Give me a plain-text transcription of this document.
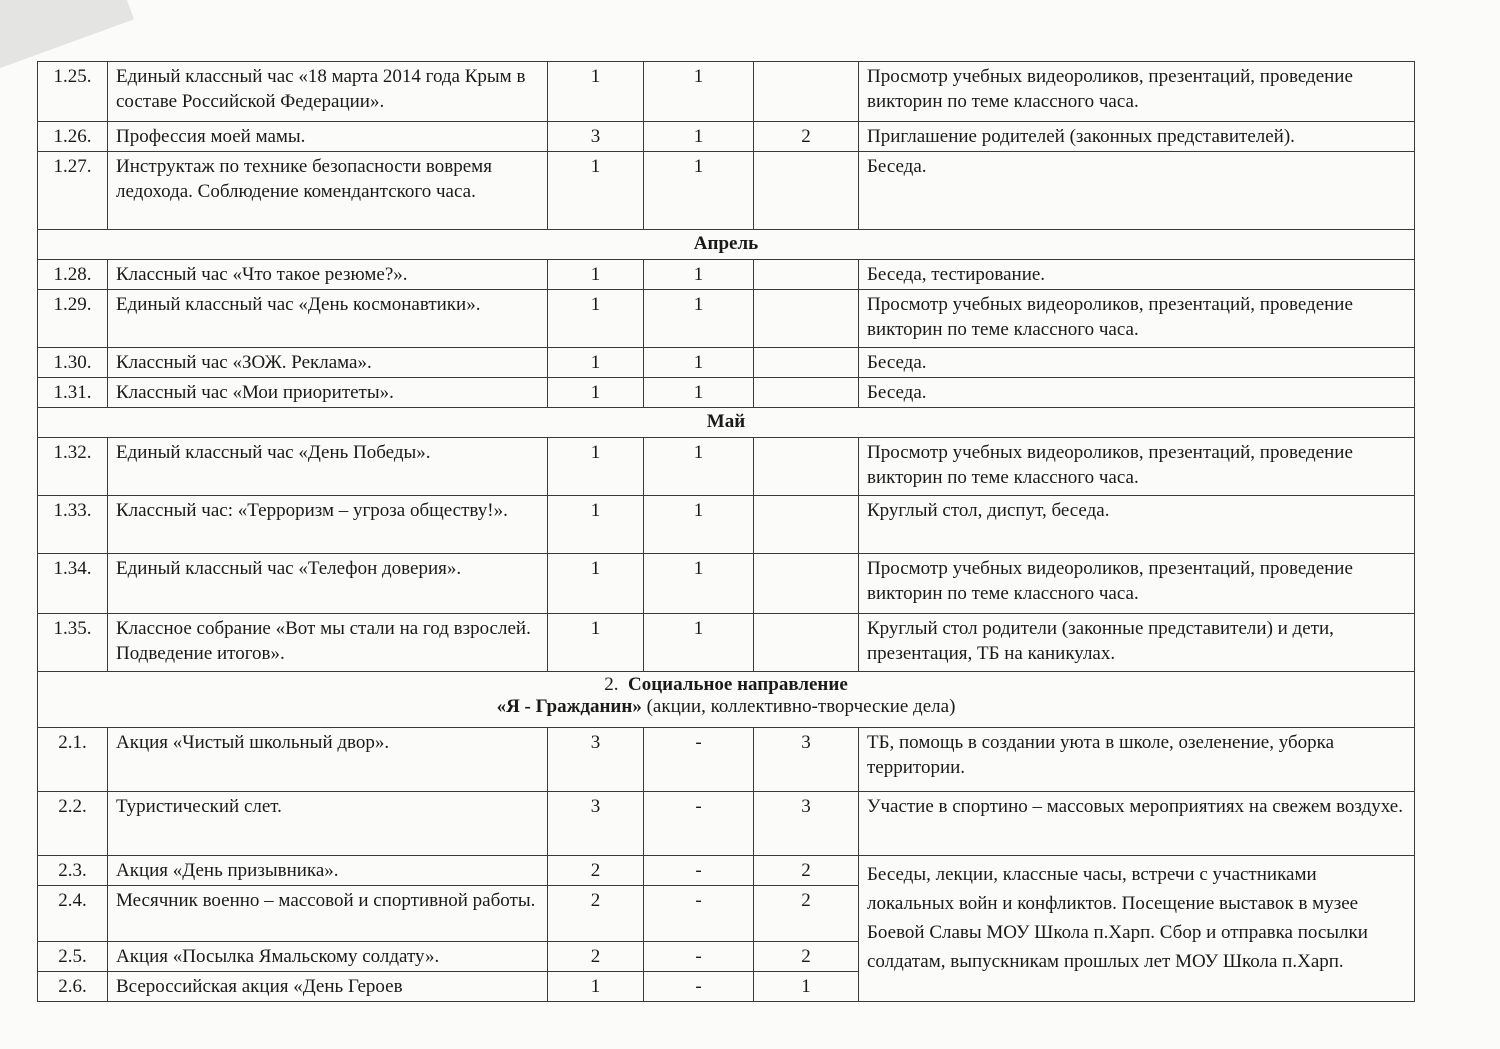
1.25.	Единый классный час «18 марта 2014 года Крым в составе Российской Федерации».	1	1		Просмотр учебных видеороликов, презентаций, проведение викторин по теме классного часа.
1.26.	Профессия моей мамы.	3	1	2	Приглашение родителей (законных представителей).
1.27.	Инструктаж по технике безопасности вовремя ледохода. Соблюдение комендантского часа.	1	1		Беседа.
Апрель					
1.28.	Классный час «Что такое резюме?».	1	1		Беседа, тестирование.
1.29.	Единый классный час «День космонавтики».	1	1		Просмотр учебных видеороликов, презентаций, проведение викторин по теме классного часа.
1.30.	Классный час «ЗОЖ. Реклама».	1	1		Беседа.
1.31.	Классный час «Мои приоритеты».	1	1		Беседа.
Май					
1.32.	Единый классный час «День Победы».	1	1		Просмотр учебных видеороликов, презентаций, проведение викторин по теме классного часа.
1.33.	Классный час: «Терроризм – угроза обществу!».	1	1		Круглый стол, диспут, беседа.
1.34.	Единый классный час «Телефон доверия».	1	1		Просмотр учебных видеороликов, презентаций, проведение викторин по теме классного часа.
1.35.	Классное собрание «Вот мы стали на год взрослей. Подведение итогов».	1	1		Круглый стол родители (законные представители) и дети, презентация, ТБ на каникулах.

2. Социальное направление
«Я - Гражданин» (акции, коллективно-творческие дела)					

2.1.	Акция «Чистый школьный двор».	3	-	3	ТБ, помощь в создании уюта в школе, озеленение, уборка территории.
2.2.	Туристический слет.	3	-	3	Участие в спортино – массовых мероприятиях на свежем воздухе.
2.3.	Акция «День призывника».	2	-	2	Беседы, лекции, классные часы, встречи с участниками локальных войн и конфликтов. Посещение выставок в музее Боевой Славы МОУ Школа п.Харп. Сбор и отправка посылки солдатам, выпускникам прошлых лет МОУ Школа п.Харп.
2.4.	Месячник военно – массовой и спортивной работы.	2	-	2	
2.5.	Акция «Посылка Ямальскому солдату».	2	-	2	
2.6.	Всероссийская акция «День Героев	1	-	1	
